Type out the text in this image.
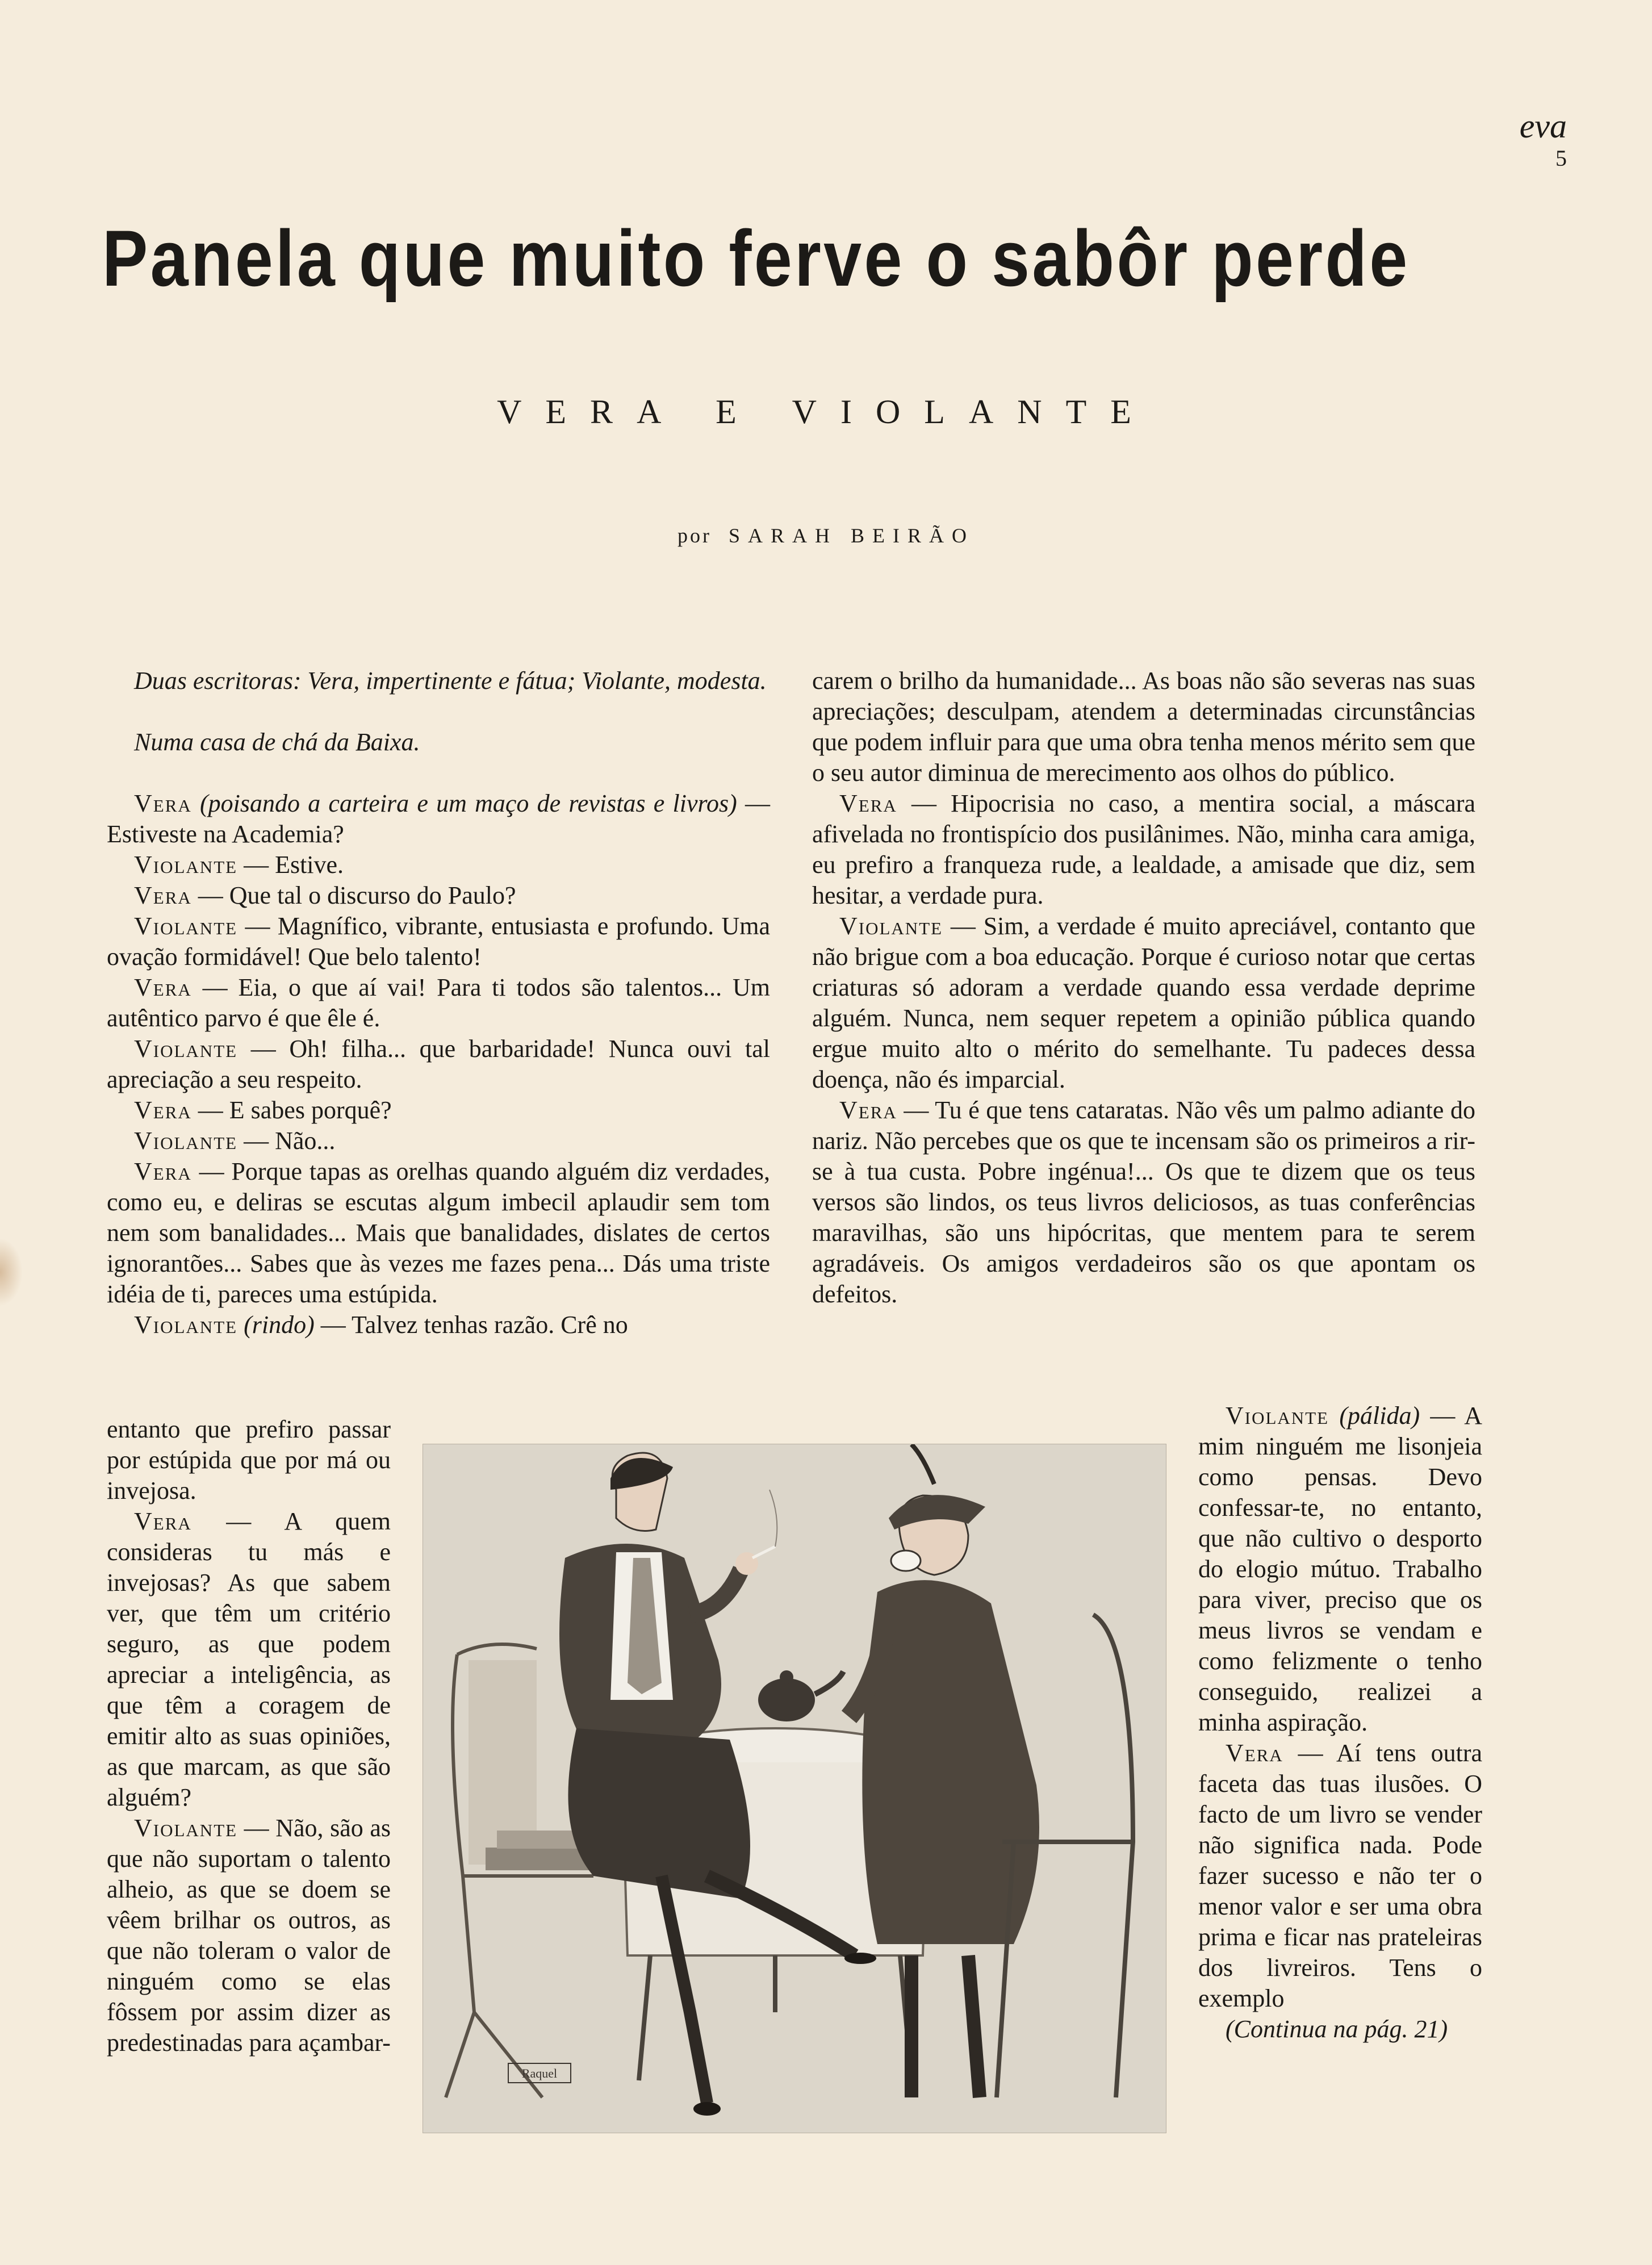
eva
5
Panela que muito ferve o sabôr perde
VERA E VIOLANTE
por SARAH BEIRÃO

Duas escritoras: Vera, impertinente e fátua; Violante, modesta.

Numa casa de chá da Baixa.

Vera (poisando a carteira e um maço de revistas e livros) — Estiveste na Academia?

Violante — Estive.

Vera — Que tal o discurso do Paulo?

Violante — Magnífico, vibrante, entusiasta e profundo. Uma ovação formidável! Que belo talento!

Vera — Eia, o que aí vai! Para ti todos são talentos... Um autêntico parvo é que êle é.

Violante — Oh! filha... que barbaridade! Nunca ouvi tal apreciação a seu respeito.

Vera — E sabes porquê?

Violante — Não...

Vera — Porque tapas as orelhas quando alguém diz verdades, como eu, e deliras se escutas algum imbecil aplaudir sem tom nem som banalidades... Mais que banalidades, dislates de certos ignorantões... Sabes que às vezes me fazes pena... Dás uma triste idéia de ti, pareces uma estúpida.

Violante (rindo) — Talvez tenhas razão. Crê no

entanto que prefiro passar por estúpida que por má ou invejosa.

Vera — A quem consideras tu más e invejosas? As que sabem ver, que têm um critério seguro, as que podem apreciar a inteligência, as que têm a coragem de emitir alto as suas opiniões, as que marcam, as que são alguém?

Violante — Não, são as que não suportam o talento alheio, as que se doem se vêem brilhar os outros, as que não toleram o valor de ninguém como se elas fôssem por assim dizer as predestinadas para açambar-

carem o brilho da humanidade... As boas não são severas nas suas apreciações; desculpam, atendem a determinadas circunstâncias que podem influir para que uma obra tenha menos mérito sem que o seu autor diminua de merecimento aos olhos do público.

Vera — Hipocrisia no caso, a mentira social, a máscara afivelada no frontispício dos pusilânimes. Não, minha cara amiga, eu prefiro a franqueza rude, a lealdade, a amisade que diz, sem hesitar, a verdade pura.

Violante — Sim, a verdade é muito apreciável, contanto que não brigue com a boa educação. Porque é curioso notar que certas criaturas só adoram a verdade quando essa verdade deprime alguém. Nunca, nem sequer repetem a opinião pública quando ergue muito alto o mérito do semelhante. Tu padeces dessa doença, não és imparcial.

Vera — Tu é que tens cataratas. Não vês um palmo adiante do nariz. Não percebes que os que te incensam são os primeiros a rir-se à tua custa. Pobre ingénua!... Os que te dizem que os teus versos são lindos, os teus livros deliciosos, as tuas conferências maravilhas, são uns hipócritas, que mentem para te serem agradáveis. Os amigos verdadeiros são os que apontam os defeitos.

Violante (pálida) — A mim ninguém me lisonjeia como pensas. Devo confessar-te, no entanto, que não cultivo o desporto do elogio mútuo. Trabalho para viver, preciso que os meus livros se vendam e como felizmente o tenho conseguido, realizei a minha aspiração.

Vera — Aí tens outra faceta das tuas ilusões. O facto de um livro se vender não significa nada. Pode fazer sucesso e não ter o menor valor e ser uma obra prima e ficar nas prateleiras dos livreiros. Tens o exemplo

(Continua na pág. 21)

Raquel
